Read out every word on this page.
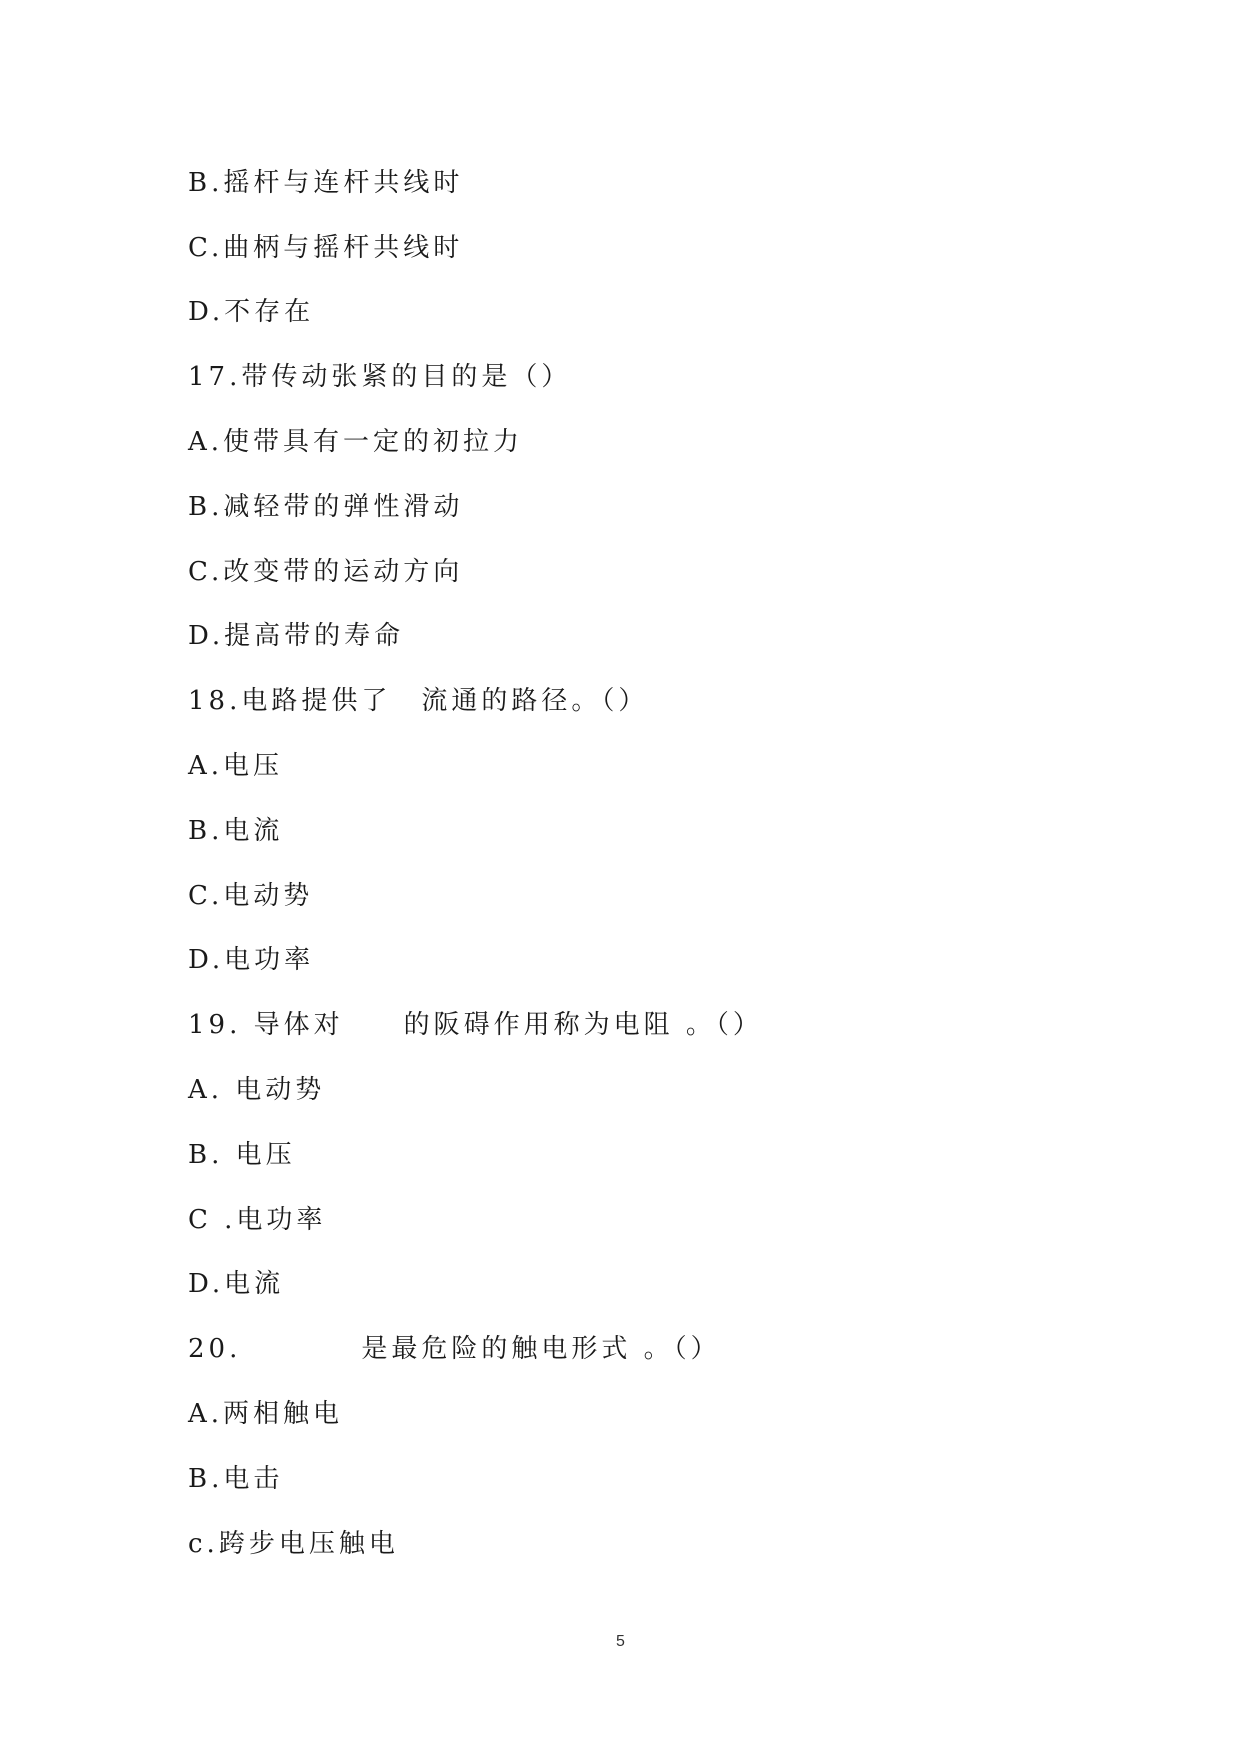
B.摇杆与连杆共线时
C.曲柄与摇杆共线时
D.不存在
17.带传动张紧的目的是（）
A.使带具有一定的初拉力
B.减轻带的弹性滑动
C.改变带的运动方向
D.提高带的寿命
18.电路提供了　流通的路径。（）
A.电压
B.电流
C.电动势
D.电功率
19. 导体对　　的阪碍作用称为电阻 。（）
A. 电动势
B. 电压
C .电功率
D.电流
20.　　　　是最危险的触电形式 。（）
A.两相触电
B.电击
c.跨步电压触电
5
